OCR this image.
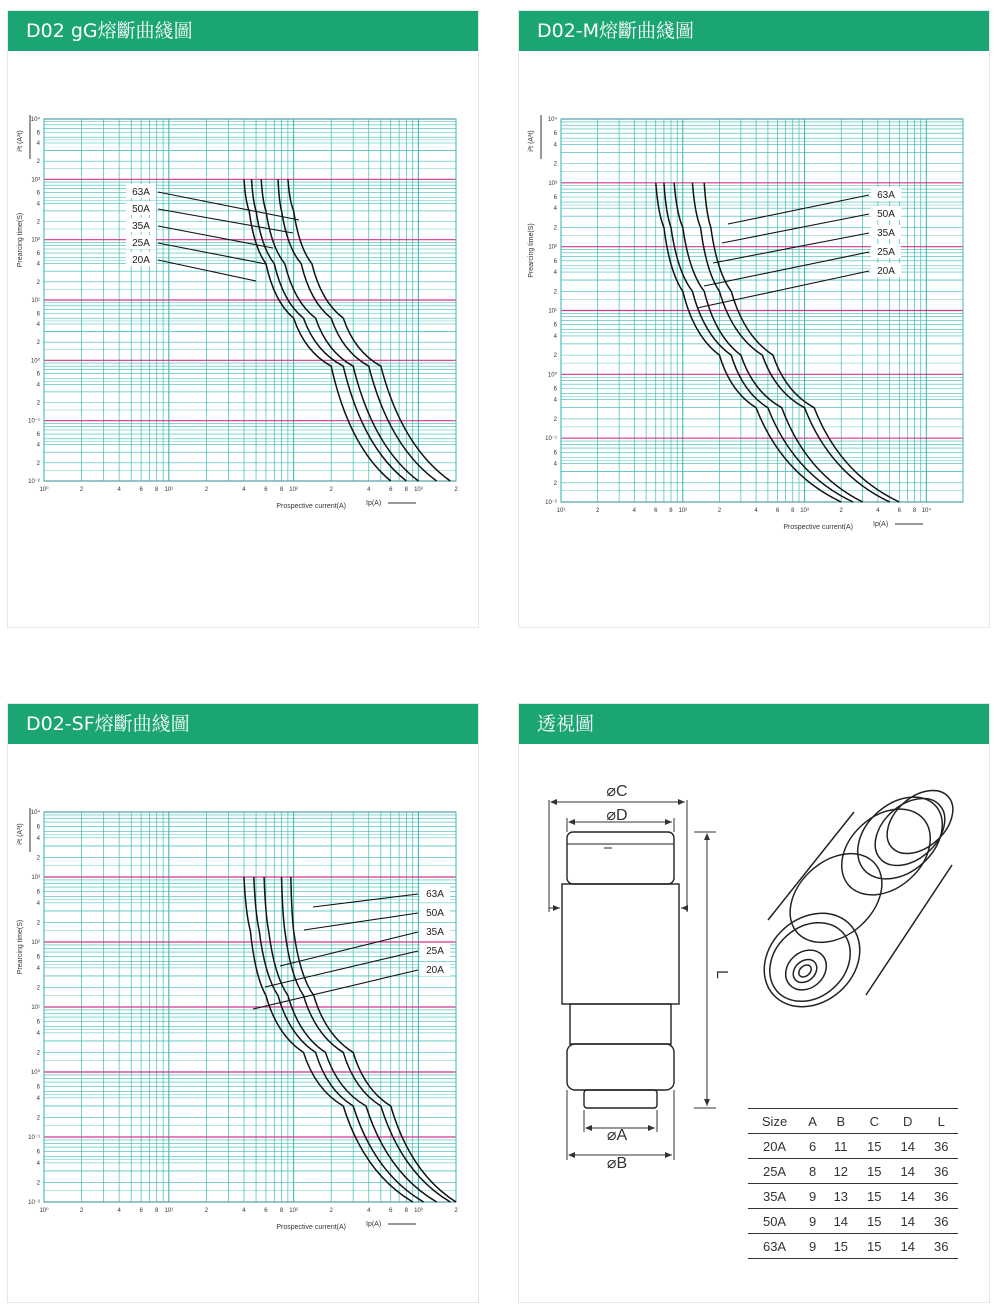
D02 gG熔斷曲綫圖
10⁴
6
4
2
10³
6
4
2
10²
6
4
2
10¹
6
4
2
10⁰
6
4
2
10⁻¹
6
4
2
10⁻²
10⁰	2	4	6 8 10¹	2	4	6 8 10²	2	4	6 8 10³	2
Prearcing time(S)
i²t (A²t)
Prospective current(A)	Ip(A)
63A
50A
35A
25A
20A
D02-M熔斷曲綫圖
10⁴
6
4
2
10³
6
4
2
10²
6
4
2
10¹
6
4
2
10⁰
6
4
2
10⁻¹
6
4
2
10⁻²
10¹	2	4	6 8 10²	2	4	6 8 10³	2	4	6 8 10⁴
Prearcing time(S)
i²t (A²t)
Prospective current(A)	Ip(A)
63A
50A
35A
25A
20A
D02-SF熔斷曲綫圖
10⁴
6
4
2
10³
6
4
2
10²
6
4
2
10¹
6
4
2
10⁰
6
4
2
10⁻¹
6
4
2
10⁻²
10⁰	2	4	6 8 10¹	2	4	6 8 10²	2	4	6 8 10³	2
Prearcing time(S)
i²t (A²t)
Prospective current(A)	Ip(A)
63A
50A
35A
25A
20A
透視圖
⌀C
⌀D
L
⌀A
⌀B
Size	A	B	C	D	L
20A	6	11	15	14	36
25A	8	12	15	14	36
35A	9	13	15	14	36
50A	9	14	15	14	36
63A	9	15	15	14	36
